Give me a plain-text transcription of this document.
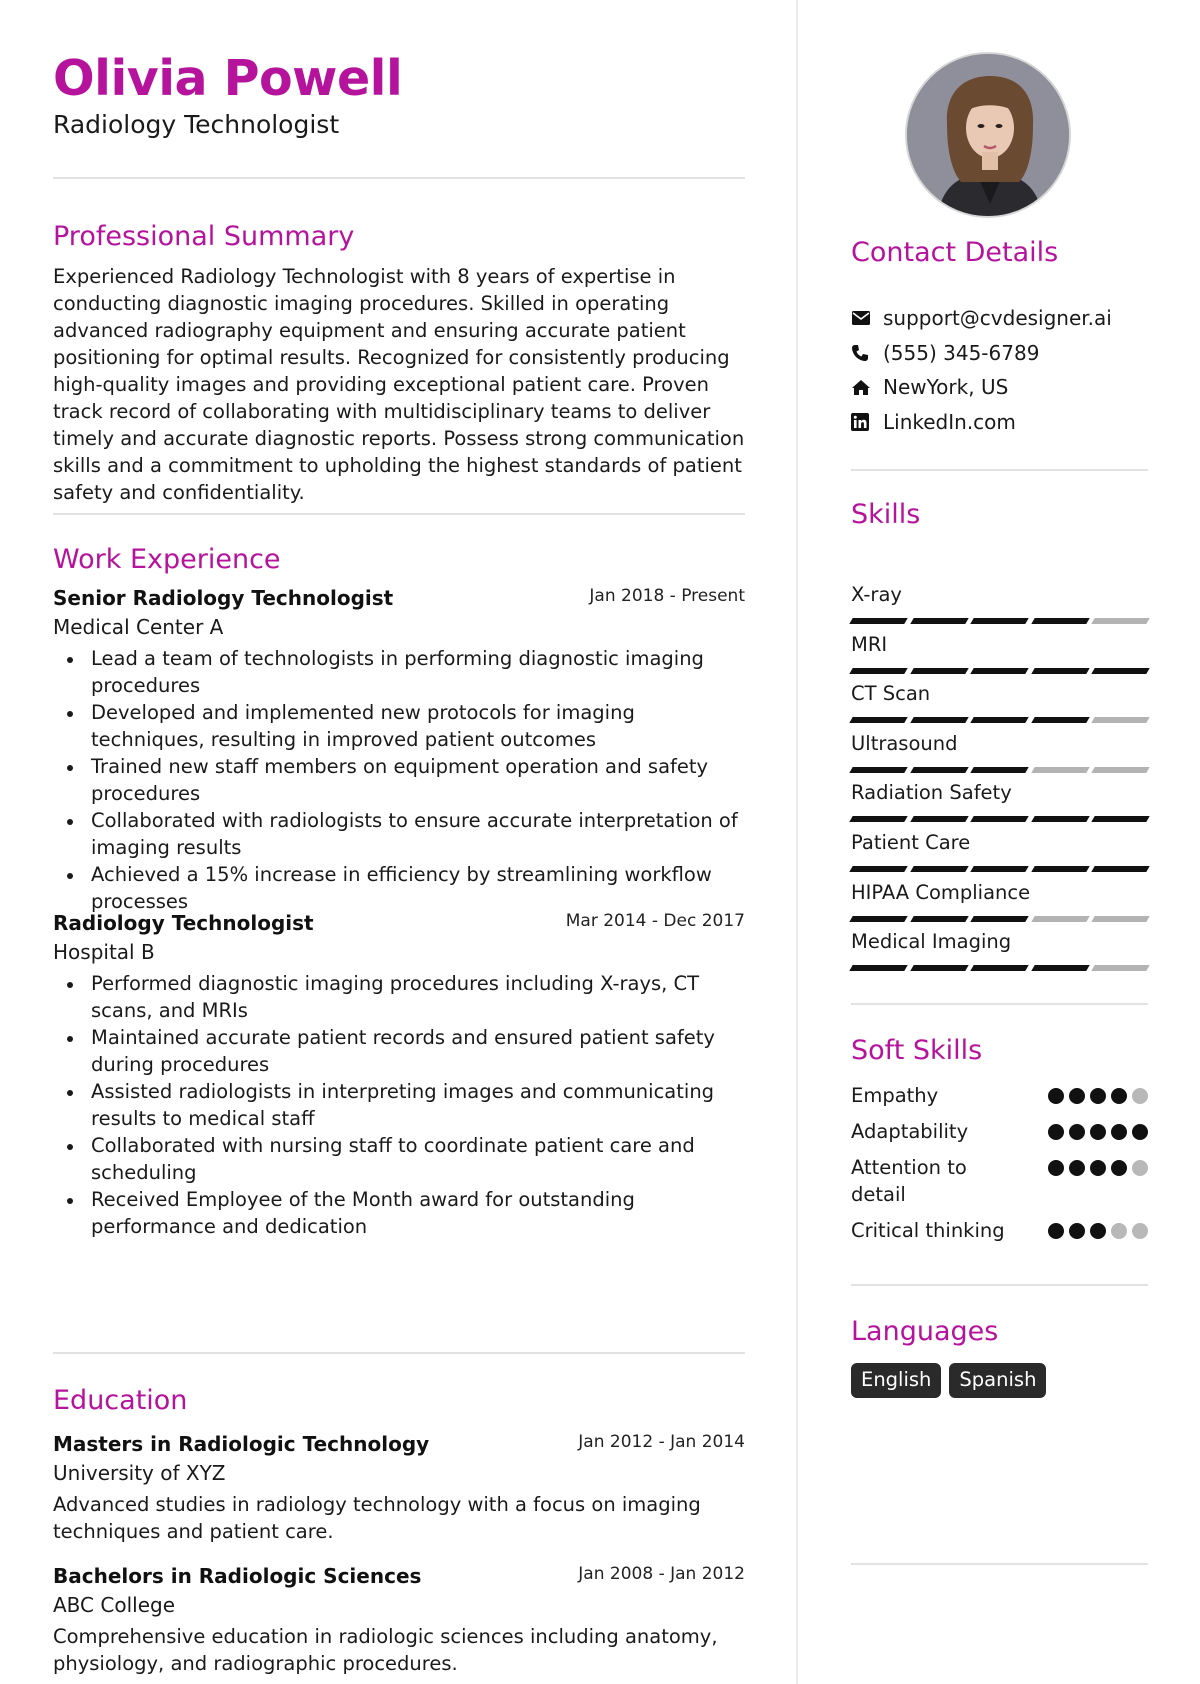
Olivia Powell
Radiology Technologist
Professional Summary
Experienced Radiology Technologist with 8 years of expertise in conducting diagnostic imaging procedures. Skilled in operating advanced radiography equipment and ensuring accurate patient positioning for optimal results. Recognized for consistently producing high-quality images and providing exceptional patient care. Proven track record of collaborating with multidisciplinary teams to deliver timely and accurate diagnostic reports. Possess strong communication skills and a commitment to upholding the highest standards of patient safety and confidentiality.
Work Experience
Senior Radiology Technologist	Jan 2018 - Present
Medical Center A
Lead a team of technologists in performing diagnostic imaging procedures
Developed and implemented new protocols for imaging techniques, resulting in improved patient outcomes
Trained new staff members on equipment operation and safety procedures
Collaborated with radiologists to ensure accurate interpretation of imaging results
Achieved a 15% increase in efficiency by streamlining workflow processes
Radiology Technologist	Mar 2014 - Dec 2017
Hospital B
Performed diagnostic imaging procedures including X-rays, CT scans, and MRIs
Maintained accurate patient records and ensured patient safety during procedures
Assisted radiologists in interpreting images and communicating results to medical staff
Collaborated with nursing staff to coordinate patient care and scheduling
Received Employee of the Month award for outstanding performance and dedication
Education
Masters in Radiologic Technology	Jan 2012 - Jan 2014
University of XYZ
Advanced studies in radiology technology with a focus on imaging techniques and patient care.
Bachelors in Radiologic Sciences	Jan 2008 - Jan 2012
ABC College
Comprehensive education in radiologic sciences including anatomy, physiology, and radiographic procedures.
Contact Details
support@cvdesigner.ai
(555) 345-6789
NewYork, US
LinkedIn.com
Skills
X-ray
MRI
CT Scan
Ultrasound
Radiation Safety
Patient Care
HIPAA Compliance
Medical Imaging
Soft Skills
Empathy
Adaptability
Attention to detail
Critical thinking
Languages
English	Spanish
